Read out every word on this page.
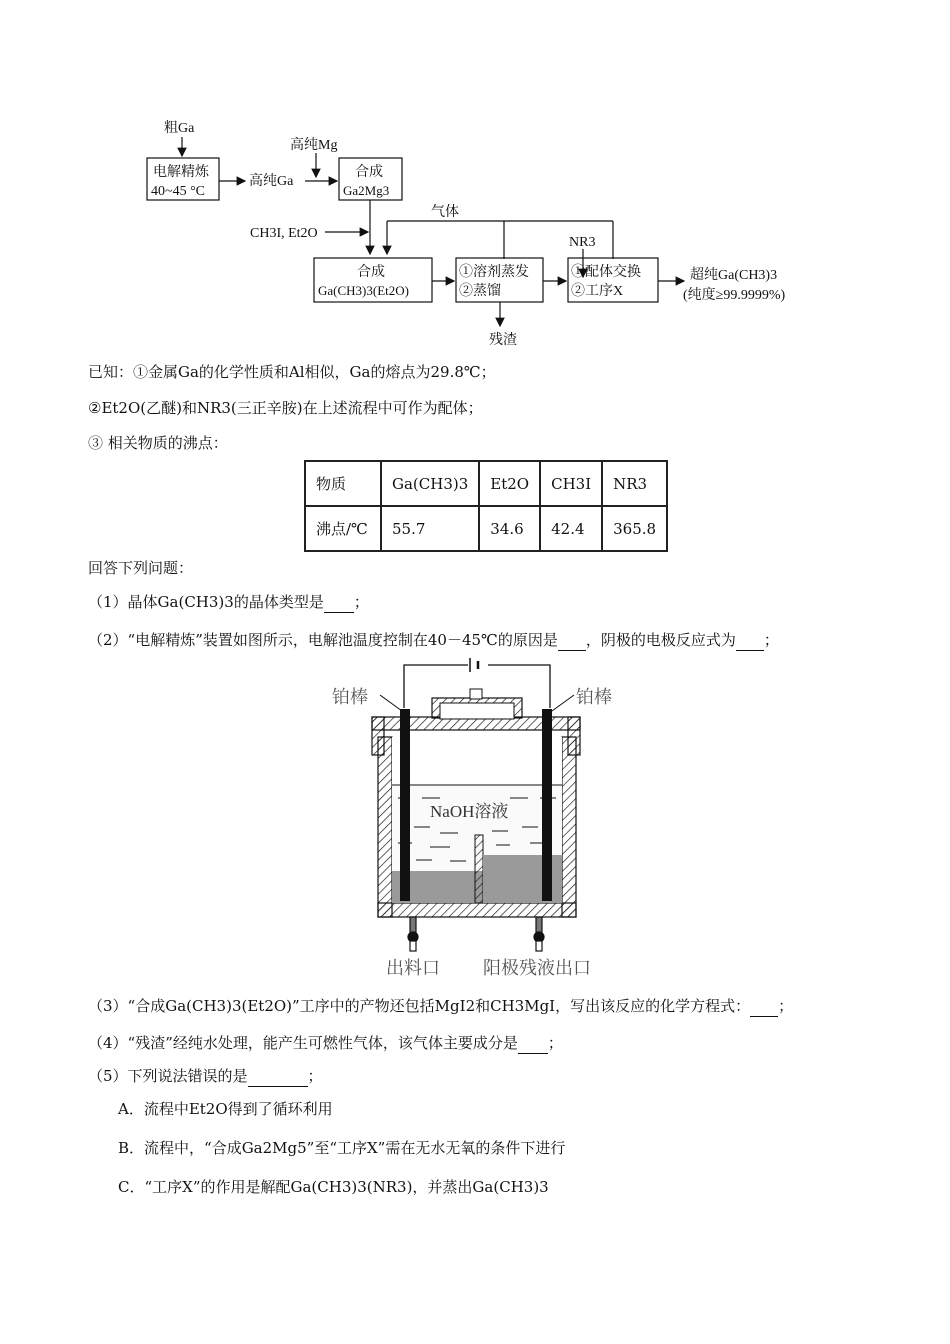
粗Ga
电解精炼
40~45 °C
高纯Ga
高纯Mg
合成
Ga2Mg3
气体
CH3I, Et2O
合成
Ga(CH3)3(Et2O)
①溶剂蒸发
②蒸馏
NR3
①配体交换
②工序X
超纯Ga(CH3)3
(纯度≥99.9999%)
残渣
已知：①金属Ga的化学性质和Al相似，Ga的熔点为29.8℃；
②Et2O(乙醚)和NR3(三正辛胺)在上述流程中可作为配体；
③ 相关物质的沸点：
物质	Ga(CH3)3	Et2O	CH3I	NR3
沸点/℃	55.7	34.6	42.4	365.8
回答下列问题：
（1）晶体Ga(CH3)3的晶体类型是 ；
（2）“电解精炼”装置如图所示，电解池温度控制在40－45℃的原因是 ，阴极的电极反应式为 ；
铂棒	铂棒
NaOH溶液
出料口 阳极残液出口
（3）“合成Ga(CH3)3(Et2O)”工序中的产物还包括MgI2和CH3MgI，写出该反应的化学方程式： ；
（4）“残渣”经纯水处理，能产生可燃性气体，该气体主要成分是 ；
（5）下列说法错误的是	；
A．流程中Et2O得到了循环利用
B．流程中，“合成Ga2Mg5”至“工序X”需在无水无氧的条件下进行
C．“工序X”的作用是解配Ga(CH3)3(NR3)，并蒸出Ga(CH3)3
